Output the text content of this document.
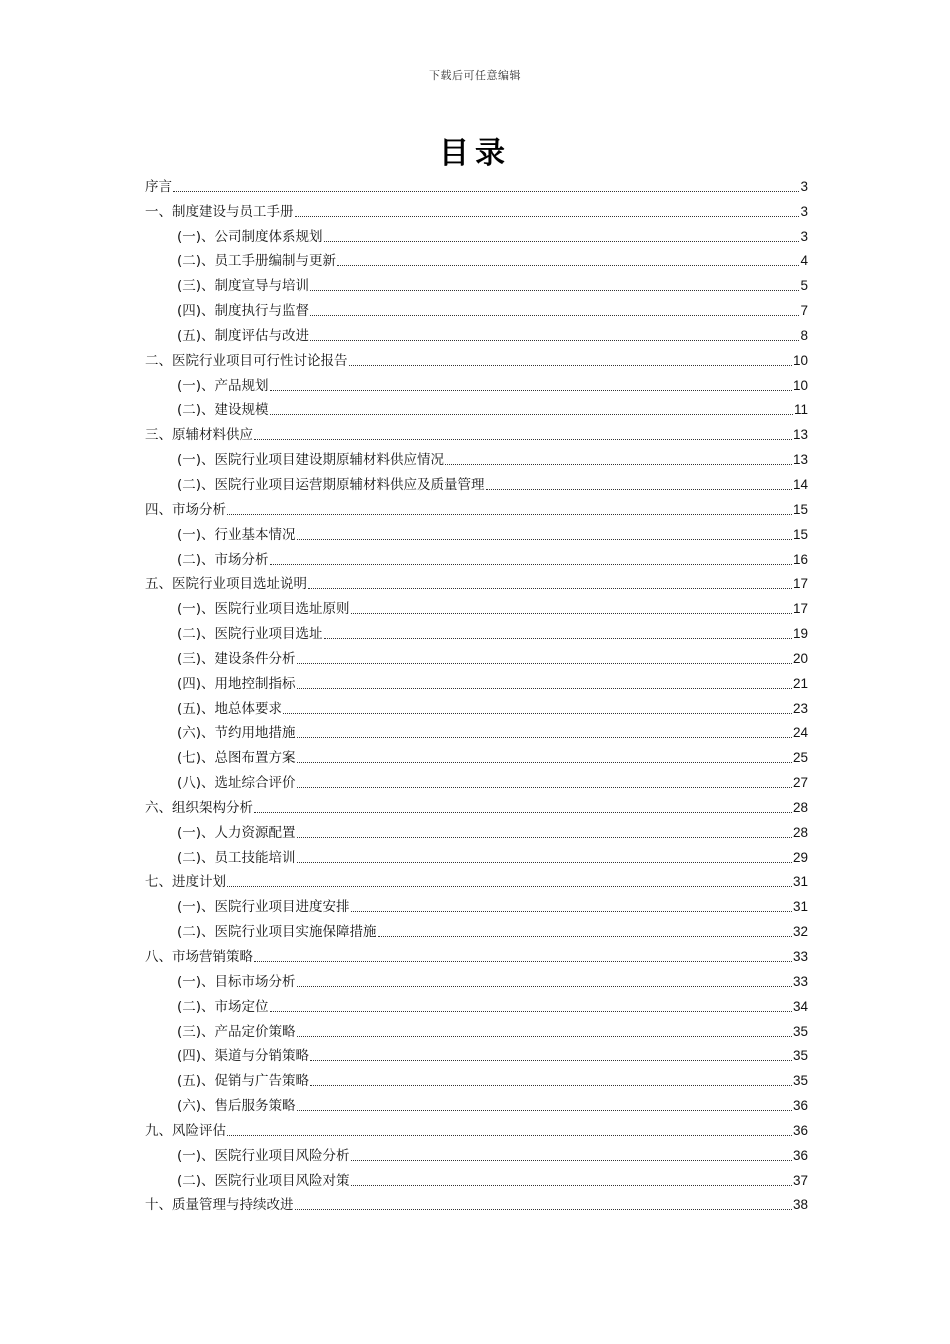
下载后可任意编辑
目录
序言	3
一、制度建设与员工手册	3
(一)、公司制度体系规划	3
(二)、员工手册编制与更新	4
(三)、制度宣导与培训	5
(四)、制度执行与监督	7
(五)、制度评估与改进	8
二、医院行业项目可行性讨论报告	10
(一)、产品规划	10
(二)、建设规模	11
三、原辅材料供应	13
(一)、医院行业项目建设期原辅材料供应情况	13
(二)、医院行业项目运营期原辅材料供应及质量管理	14
四、市场分析	15
(一)、行业基本情况	15
(二)、市场分析	16
五、医院行业项目选址说明	17
(一)、医院行业项目选址原则	17
(二)、医院行业项目选址	19
(三)、建设条件分析	20
(四)、用地控制指标	21
(五)、地总体要求	23
(六)、节约用地措施	24
(七)、总图布置方案	25
(八)、选址综合评价	27
六、组织架构分析	28
(一)、人力资源配置	28
(二)、员工技能培训	29
七、进度计划	31
(一)、医院行业项目进度安排	31
(二)、医院行业项目实施保障措施	32
八、市场营销策略	33
(一)、目标市场分析	33
(二)、市场定位	34
(三)、产品定价策略	35
(四)、渠道与分销策略	35
(五)、促销与广告策略	35
(六)、售后服务策略	36
九、风险评估	36
(一)、医院行业项目风险分析	36
(二)、医院行业项目风险对策	37
十、质量管理与持续改进	38
